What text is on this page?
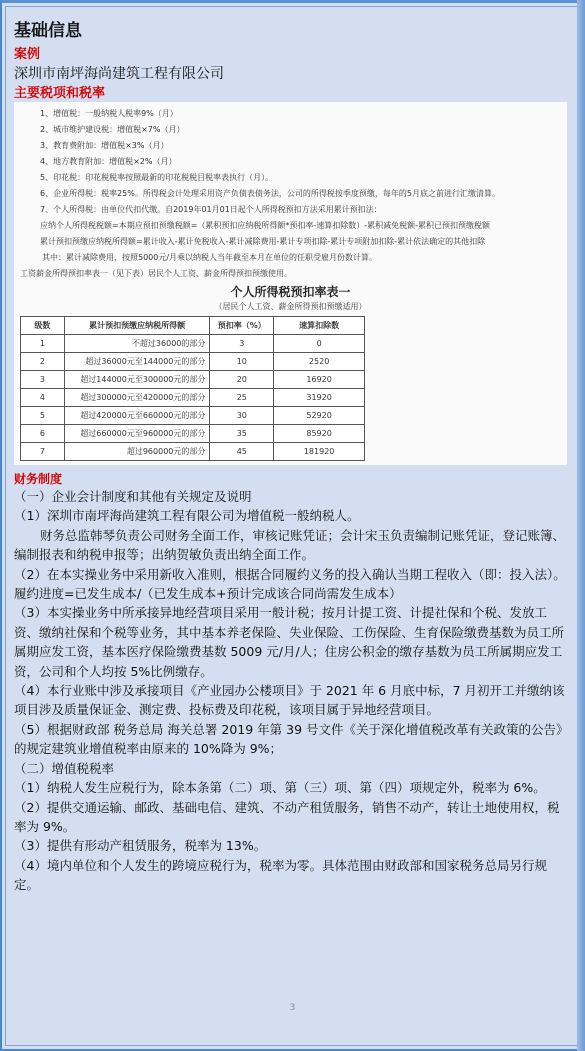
基础信息
案例
深圳市南坪海尚建筑工程有限公司
主要税项和税率
1、增值税：一般纳税人税率9%（月）
2、城市维护建设税：增值税×7%（月）
3、教育费附加：增值税×3%（月）
4、地方教育附加：增值税×2%（月）
5、印花税：印花税税率按照最新的印花税税目税率表执行（月）。
6、企业所得税：税率25%。所得税会计处理采用资产负债表债务法，公司的所得税按季度预缴，每年的5月底之前进行汇缴清算。
7、个人所得税：由单位代扣代缴。自2019年01月01日起个人所得税预扣方法采用累计预扣法：
应纳个人所得税税额=本期应预扣预缴税额=（累积预扣应纳税所得额*预扣率-速算扣除数）-累积减免税额-累积已预扣预缴税额
累计预扣预缴应纳税所得额=累计收入-累计免税收入-累计减除费用-累计专项扣除-累计专项附加扣除-累计依法确定的其他扣除
其中：累计减除费用，按照5000元/月乘以纳税人当年截至本月在单位的任职受雇月份数计算。
工资薪金所得预扣率表一（见下表）居民个人工资、薪金所得预扣预缴使用。
个人所得税预扣率表一
（居民个人工资、薪金所得预扣预缴适用）
级数	累计预扣预缴应纳税所得额	预扣率（%）	速算扣除数
1	不超过36000的部分	3	0
2	超过36000元至144000元的部分	10	2520
3	超过144000元至300000元的部分	20	16920
4	超过300000元至420000元的部分	25	31920
5	超过420000元至660000元的部分	30	52920
6	超过660000元至960000元的部分	35	85920
7	超过960000元的部分	45	181920
财务制度
（一）企业会计制度和其他有关规定及说明
（1）深圳市南坪海尚建筑工程有限公司为增值税一般纳税人。
财务总监韩琴负责公司财务全面工作，审核记账凭证；会计宋玉负责编制记账凭证，登记账簿、编制报表和纳税申报等；出纳贺敏负责出纳全面工作。
（2）在本实操业务中采用新收入准则，根据合同履约义务的投入确认当期工程收入（即：投入法）。
履约进度=已发生成本/（已发生成本+预计完成该合同尚需发生成本）
（3）本实操业务中所承接异地经营项目采用一般计税；按月计提工资、计提社保和个税、发放工资、缴纳社保和个税等业务，其中基本养老保险、失业保险、工伤保险、生育保险缴费基数为员工所属期应发工资，基本医疗保险缴费基数 5009 元/月/人；住房公积金的缴存基数为员工所属期应发工资，公司和个人均按 5%比例缴存。
（4）本行业账中涉及承接项目《产业园办公楼项目》于 2021 年 6 月底中标，7 月初开工并缴纳该项目涉及质量保证金、测定费、投标费及印花税，该项目属于异地经营项目。
（5）根据财政部 税务总局 海关总署 2019 年第 39 号文件《关于深化增值税改革有关政策的公告》的规定建筑业增值税率由原来的 10%降为 9%；
（二）增值税税率
（1）纳税人发生应税行为，除本条第（二）项、第（三）项、第（四）项规定外，税率为 6%。
（2）提供交通运输、邮政、基础电信、建筑、不动产租赁服务，销售不动产，转让土地使用权，税率为 9%。
（3）提供有形动产租赁服务，税率为 13%。
（4）境内单位和个人发生的跨境应税行为，税率为零。具体范围由财政部和国家税务总局另行规定。
3
